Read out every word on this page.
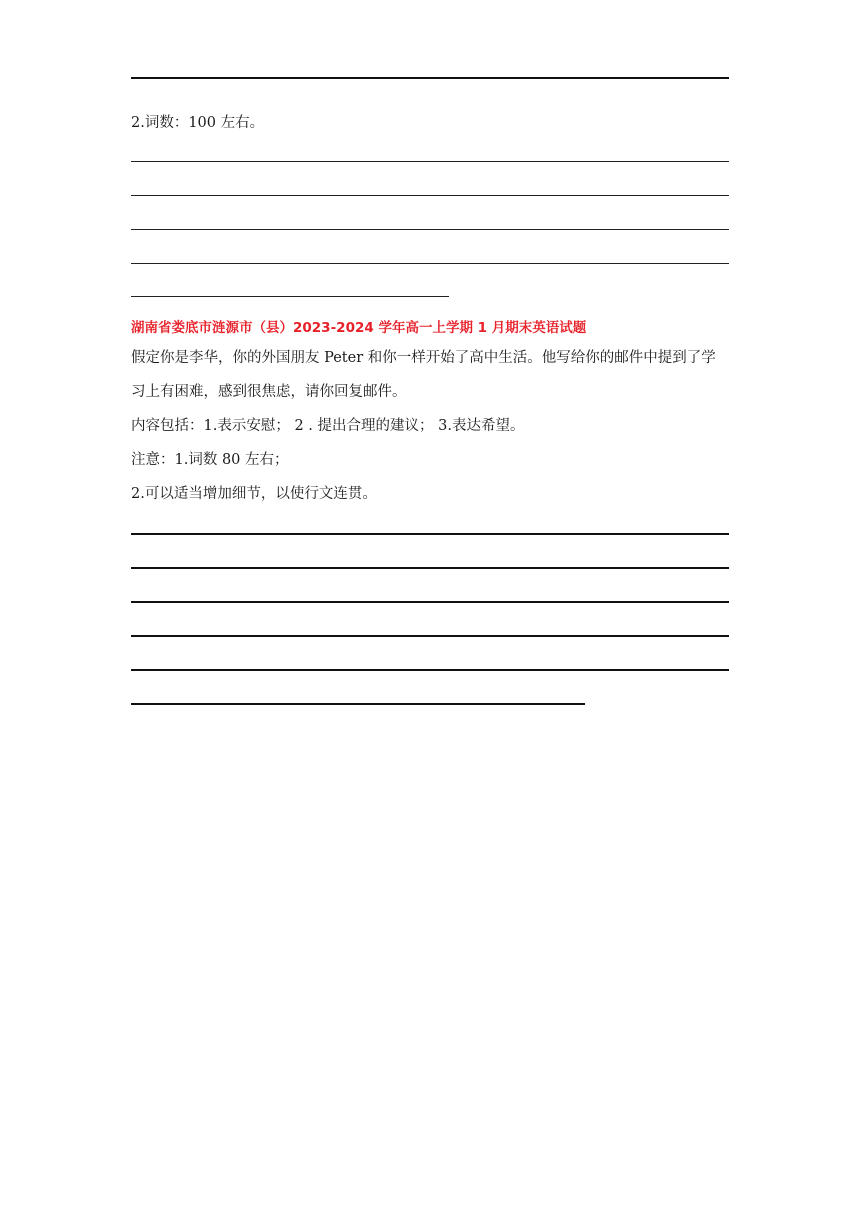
2.词数：100 左右。
湖南省娄底市涟源市（县）2023-2024 学年高一上学期 1 月期末英语试题
假定你是李华，你的外国朋友 Peter 和你一样开始了高中生活。他写给你的邮件中提到了学
习上有困难，感到很焦虑，请你回复邮件。
内容包括：1.表示安慰； 2 . 提出合理的建议； 3.表达希望。
注意：1.词数 80 左右；
2.可以适当增加细节，以使行文连贯。
